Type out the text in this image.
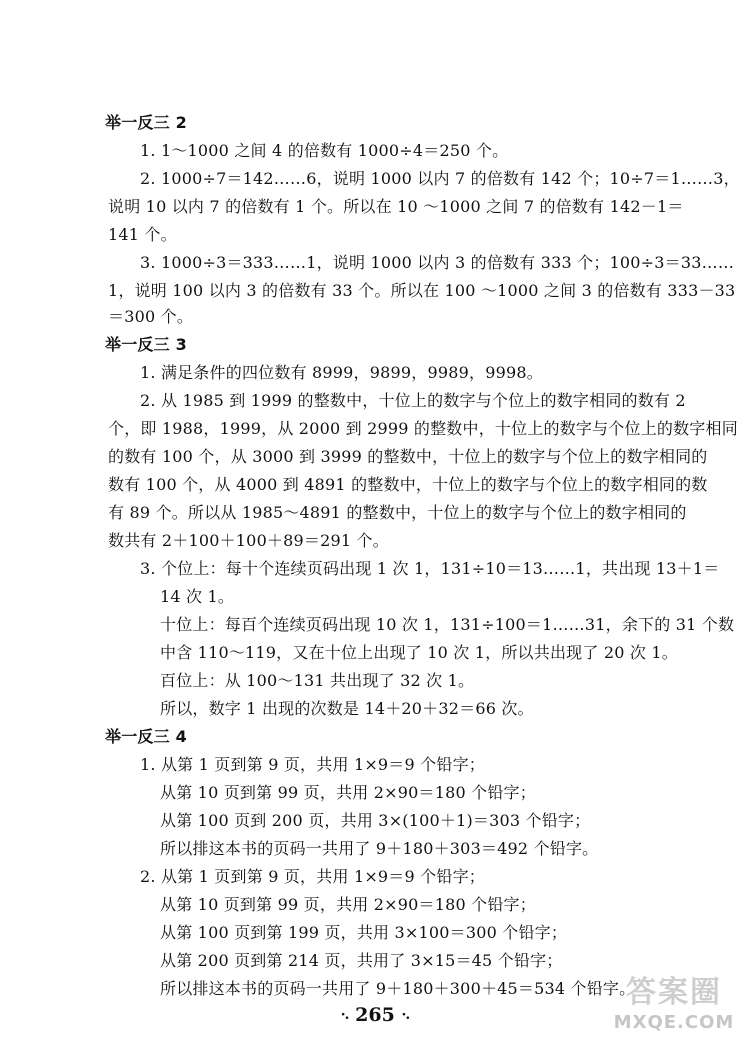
举一反三 2
1. 1～1000 之间 4 的倍数有 1000÷4＝250 个。
2. 1000÷7＝142……6，说明 1000 以内 7 的倍数有 142 个；10÷7＝1……3，
说明 10 以内 7 的倍数有 1 个。所以在 10 ～1000 之间 7 的倍数有 142－1＝
141 个。
3. 1000÷3＝333……1，说明 1000 以内 3 的倍数有 333 个；100÷3＝33……
1，说明 100 以内 3 的倍数有 33 个。所以在 100 ～1000 之间 3 的倍数有 333－33
＝300 个。
举一反三 3
1. 满足条件的四位数有 8999，9899，9989，9998。
2. 从 1985 到 1999 的整数中，十位上的数字与个位上的数字相同的数有 2
个，即 1988，1999，从 2000 到 2999 的整数中，十位上的数字与个位上的数字相同
的数有 100 个，从 3000 到 3999 的整数中，十位上的数字与个位上的数字相同的
数有 100 个，从 4000 到 4891 的整数中，十位上的数字与个位上的数字相同的数
有 89 个。所以从 1985～4891 的整数中，十位上的数字与个位上的数字相同的
数共有 2＋100＋100＋89＝291 个。
3. 个位上：每十个连续页码出现 1 次 1，131÷10＝13……1，共出现 13＋1＝
14 次 1。
十位上：每百个连续页码出现 10 次 1，131÷100＝1……31，余下的 31 个数
中含 110～119，又在十位上出现了 10 次 1，所以共出现了 20 次 1。
百位上：从 100～131 共出现了 32 次 1。
所以，数字 1 出现的次数是 14＋20＋32＝66 次。
举一反三 4
1. 从第 1 页到第 9 页，共用 1×9＝9 个铅字；
从第 10 页到第 99 页，共用 2×90＝180 个铅字；
从第 100 页到 200 页，共用 3×(100＋1)＝303 个铅字；
所以排这本书的页码一共用了 9＋180＋303＝492 个铅字。
2. 从第 1 页到第 9 页，共用 1×9＝9 个铅字；
从第 10 页到第 99 页，共用 2×90＝180 个铅字；
从第 100 页到第 199 页，共用 3×100＝300 个铅字；
从第 200 页到第 214 页，共用了 3×15＝45 个铅字；
所以排这本书的页码一共用了 9＋180＋300＋45＝534 个铅字。
·. 265 ·.
答案圈
MXQE.COM
